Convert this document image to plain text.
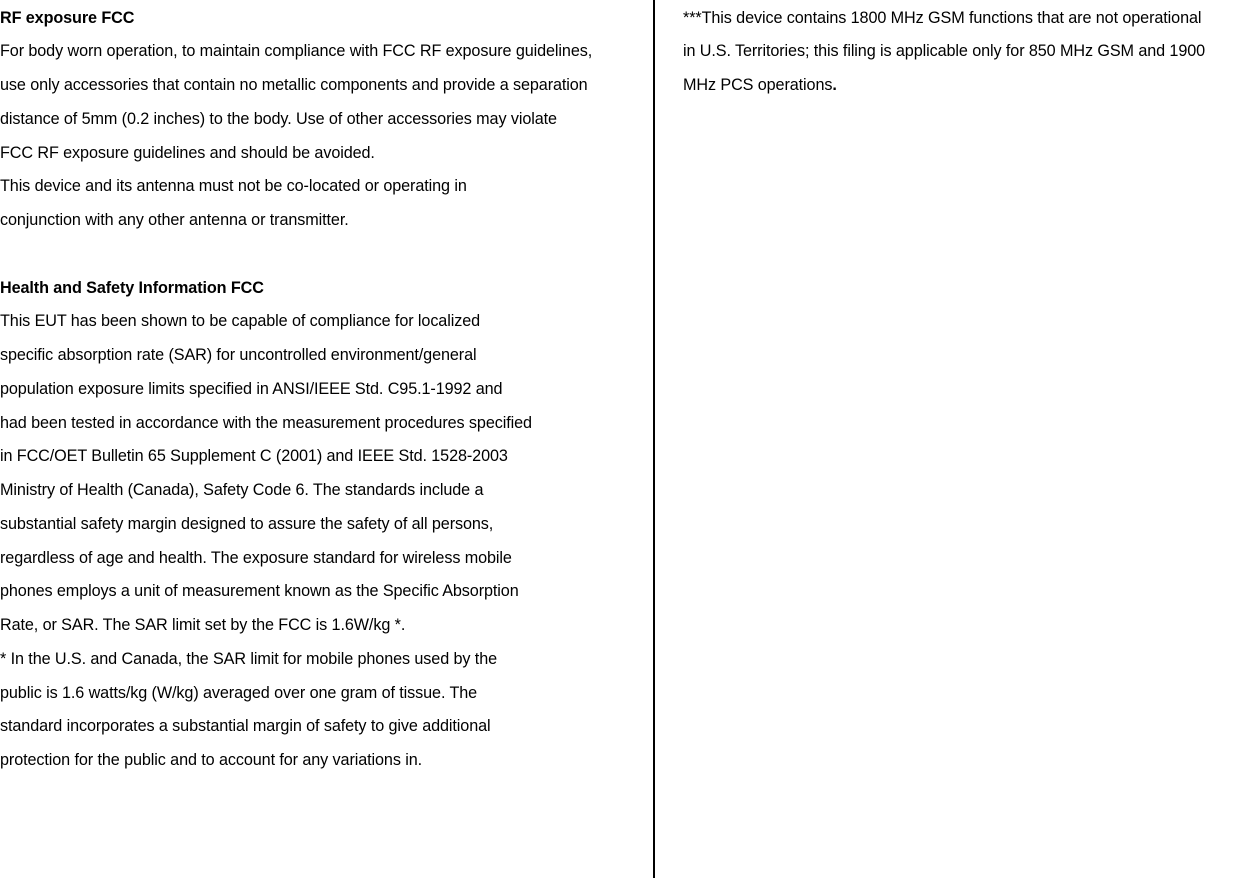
RF exposure FCC
For body worn operation, to maintain compliance with FCC RF exposure guidelines,
use only accessories that contain no metallic components and provide a separation
distance of 5mm (0.2 inches) to the body. Use of other accessories may violate
FCC RF exposure guidelines and should be avoided.
This device and its antenna must not be co-located or operating in
conjunction with any other antenna or transmitter.
Health and Safety Information FCC
This EUT has been shown to be capable of compliance for localized
specific absorption rate (SAR) for uncontrolled environment/general
population exposure limits specified in ANSI/IEEE Std. C95.1-1992 and
had been tested in accordance with the measurement procedures specified
in FCC/OET Bulletin 65 Supplement C (2001) and IEEE Std. 1528-2003
Ministry of Health (Canada), Safety Code 6. The standards include a
substantial safety margin designed to assure the safety of all persons,
regardless of age and health. The exposure standard for wireless mobile
phones employs a unit of measurement known as the Specific Absorption
Rate, or SAR. The SAR limit set by the FCC is 1.6W/kg *.
* In the U.S. and Canada, the SAR limit for mobile phones used by the
public is 1.6 watts/kg (W/kg) averaged over one gram of tissue. The
standard incorporates a substantial margin of safety to give additional
protection for the public and to account for any variations in.
***This device contains 1800 MHz GSM functions that are not operational
in U.S. Territories; this filing is applicable only for 850 MHz GSM and 1900
MHz PCS operations.
